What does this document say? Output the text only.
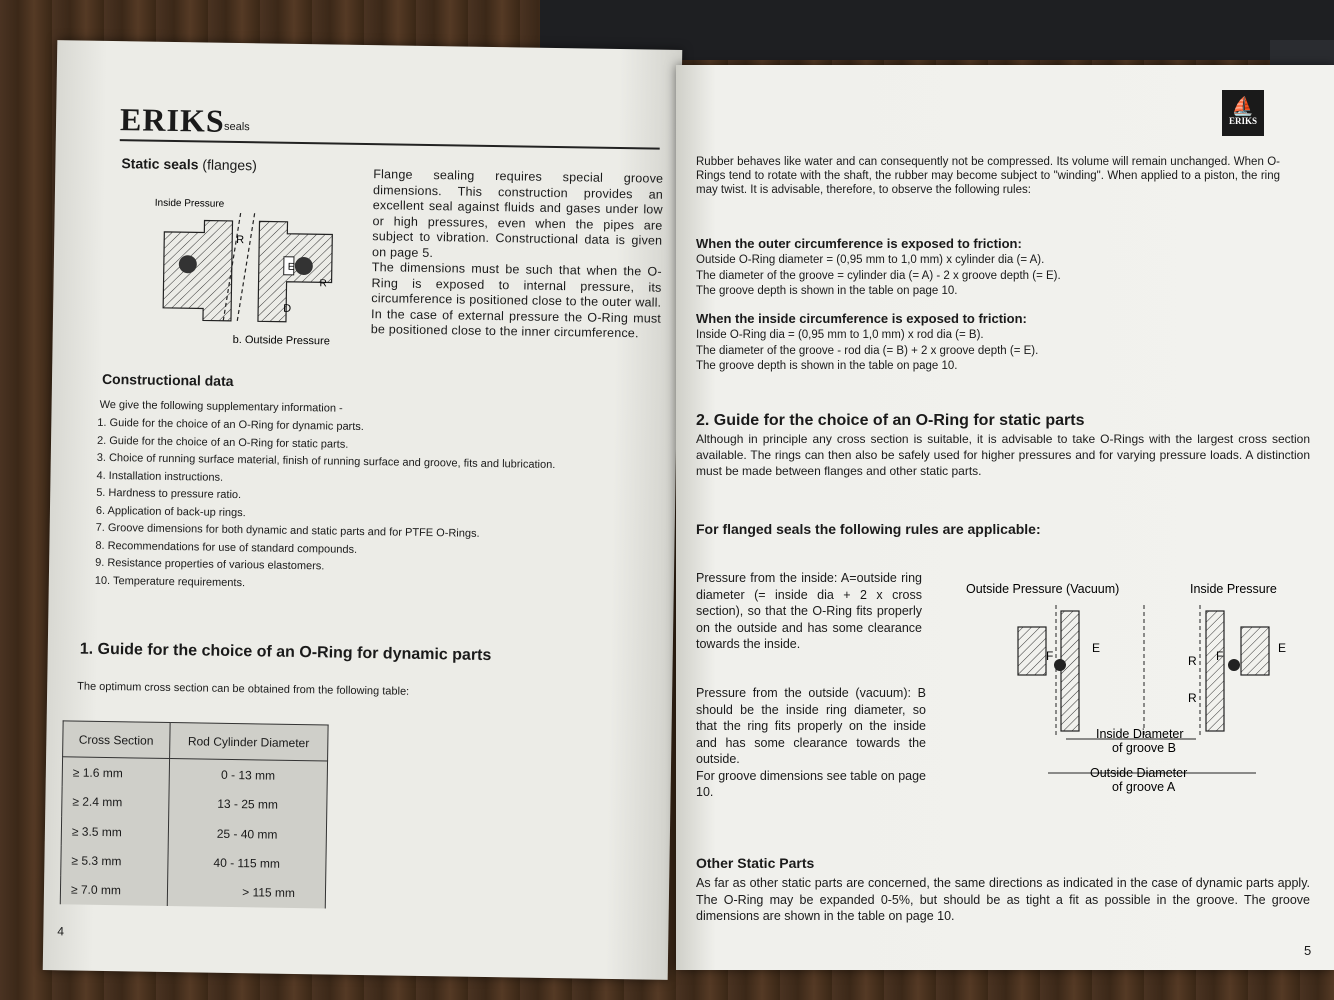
ERIKS
seals
Static seals (flanges)
Inside Pressure
b. Outside Pressure
R
E
D
R
Flange sealing requires special groove dimensions. This construction provides an excellent seal against fluids and gases under low or high pressures, even when the pipes are subject to vibration. Constructional data is given on page 5.
The dimensions must be such that when the O-Ring is exposed to internal pressure, its circumference is positioned close to the outer wall. In the case of external pressure the O-Ring must be positioned close to the inner circumference.
Constructional data
We give the following supplementary information -
1. Guide for the choice of an O-Ring for dynamic parts.
2. Guide for the choice of an O-Ring for static parts.
3. Choice of running surface material, finish of running surface and groove, fits and lubrication.
4. Installation instructions.
5. Hardness to pressure ratio.
6. Application of back-up rings.
7. Groove dimensions for both dynamic and static parts and for PTFE O-Rings.
8. Recommendations for use of standard compounds.
9. Resistance properties of various elastomers.
10. Temperature requirements.
1. Guide for the choice of an O-Ring for dynamic parts
The optimum cross section can be obtained from the following table:
Cross Section	Rod Cylinder Diameter
≥ 1.6 mm	0 - 13 mm
≥ 2.4 mm	13 - 25 mm
≥ 3.5 mm	25 - 40 mm
≥ 5.3 mm	40 - 115 mm
≥ 7.0 mm	> 115 mm
4
⛵
ERIKS
Rubber behaves like water and can consequently not be compressed. Its volume will remain unchanged. When O-Rings tend to rotate with the shaft, the rubber may become subject to "winding". When applied to a piston, the ring may twist. It is advisable, therefore, to observe the following rules:
When the outer circumference is exposed to friction:
Outside O-Ring diameter = (0,95 mm to 1,0 mm) x cylinder dia (= A).
The diameter of the groove = cylinder dia (= A) - 2 x groove depth (= E).
The groove depth is shown in the table on page 10.
When the inside circumference is exposed to friction:
Inside O-Ring dia = (0,95 mm to 1,0 mm) x rod dia (= B).
The diameter of the groove - rod dia (= B) + 2 x groove depth (= E).
The groove depth is shown in the table on page 10.
2. Guide for the choice of an O-Ring for static parts
Although in principle any cross section is suitable, it is advisable to take O-Rings with the largest cross section available. The rings can then also be safely used for higher pressures and for varying pressure loads. A distinction must be made between flanges and other static parts.
For flanged seals the following rules are applicable:
Pressure from the inside: A=outside ring diameter (= inside dia + 2 x cross section), so that the O-Ring fits properly on the outside and has some clearance towards the inside.
Pressure from the outside (vacuum): B should be the inside ring diameter, so that the ring fits properly on the inside and has some clearance towards the outside.
For groove dimensions see table on page 10.
Outside Pressure (Vacuum)	Inside Pressure
E
F	R F
R
E
Inside Diameter
of groove B
Outside Diameter
of groove A
Other Static Parts
As far as other static parts are concerned, the same directions as indicated in the case of dynamic parts apply. The O-Ring may be expanded 0-5%, but should be as tight a fit as possible in the groove. The groove dimensions are shown in the table on page 10.
5
